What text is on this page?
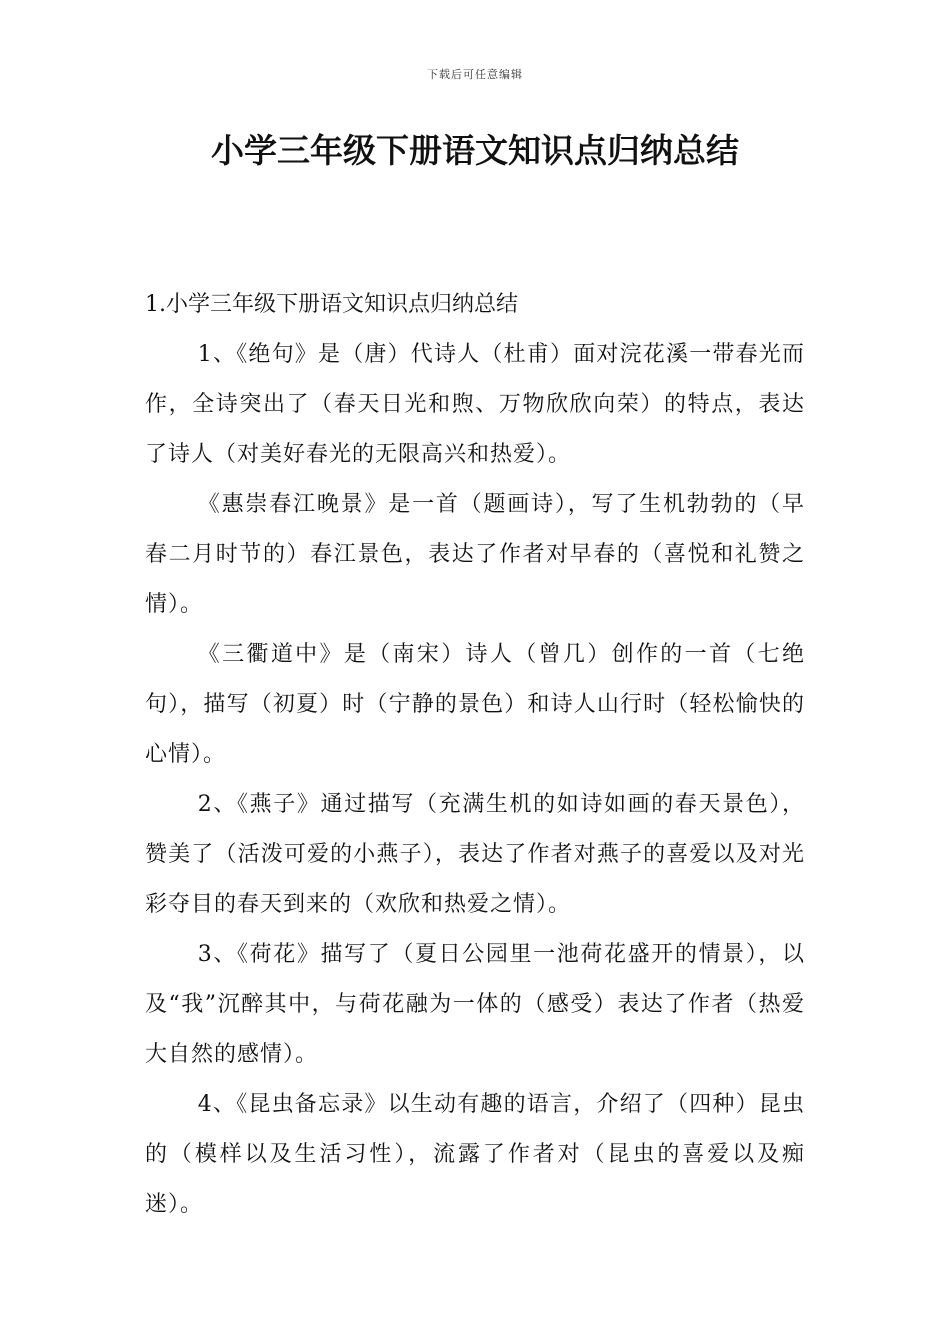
下载后可任意编辑
小学三年级下册语文知识点归纳总结

1.小学三年级下册语文知识点归纳总结

1、《绝句》是（唐）代诗人（杜甫）面对浣花溪一带春光而作，全诗突出了（春天日光和煦、万物欣欣向荣）的特点，表达了诗人（对美好春光的无限高兴和热爱）。

《惠崇春江晚景》是一首（题画诗），写了生机勃勃的（早春二月时节的）春江景色，表达了作者对早春的（喜悦和礼赞之情）。

《三衢道中》是（南宋）诗人（曾几）创作的一首（七绝句），描写（初夏）时（宁静的景色）和诗人山行时（轻松愉快的心情）。

2、《燕子》通过描写（充满生机的如诗如画的春天景色），赞美了（活泼可爱的小燕子），表达了作者对燕子的喜爱以及对光彩夺目的春天到来的（欢欣和热爱之情）。

3、《荷花》描写了（夏日公园里一池荷花盛开的情景），以及“我”沉醉其中，与荷花融为一体的（感受）表达了作者（热爱大自然的感情）。

4、《昆虫备忘录》以生动有趣的语言，介绍了（四种）昆虫的（模样以及生活习性），流露了作者对（昆虫的喜爱以及痴迷）。
